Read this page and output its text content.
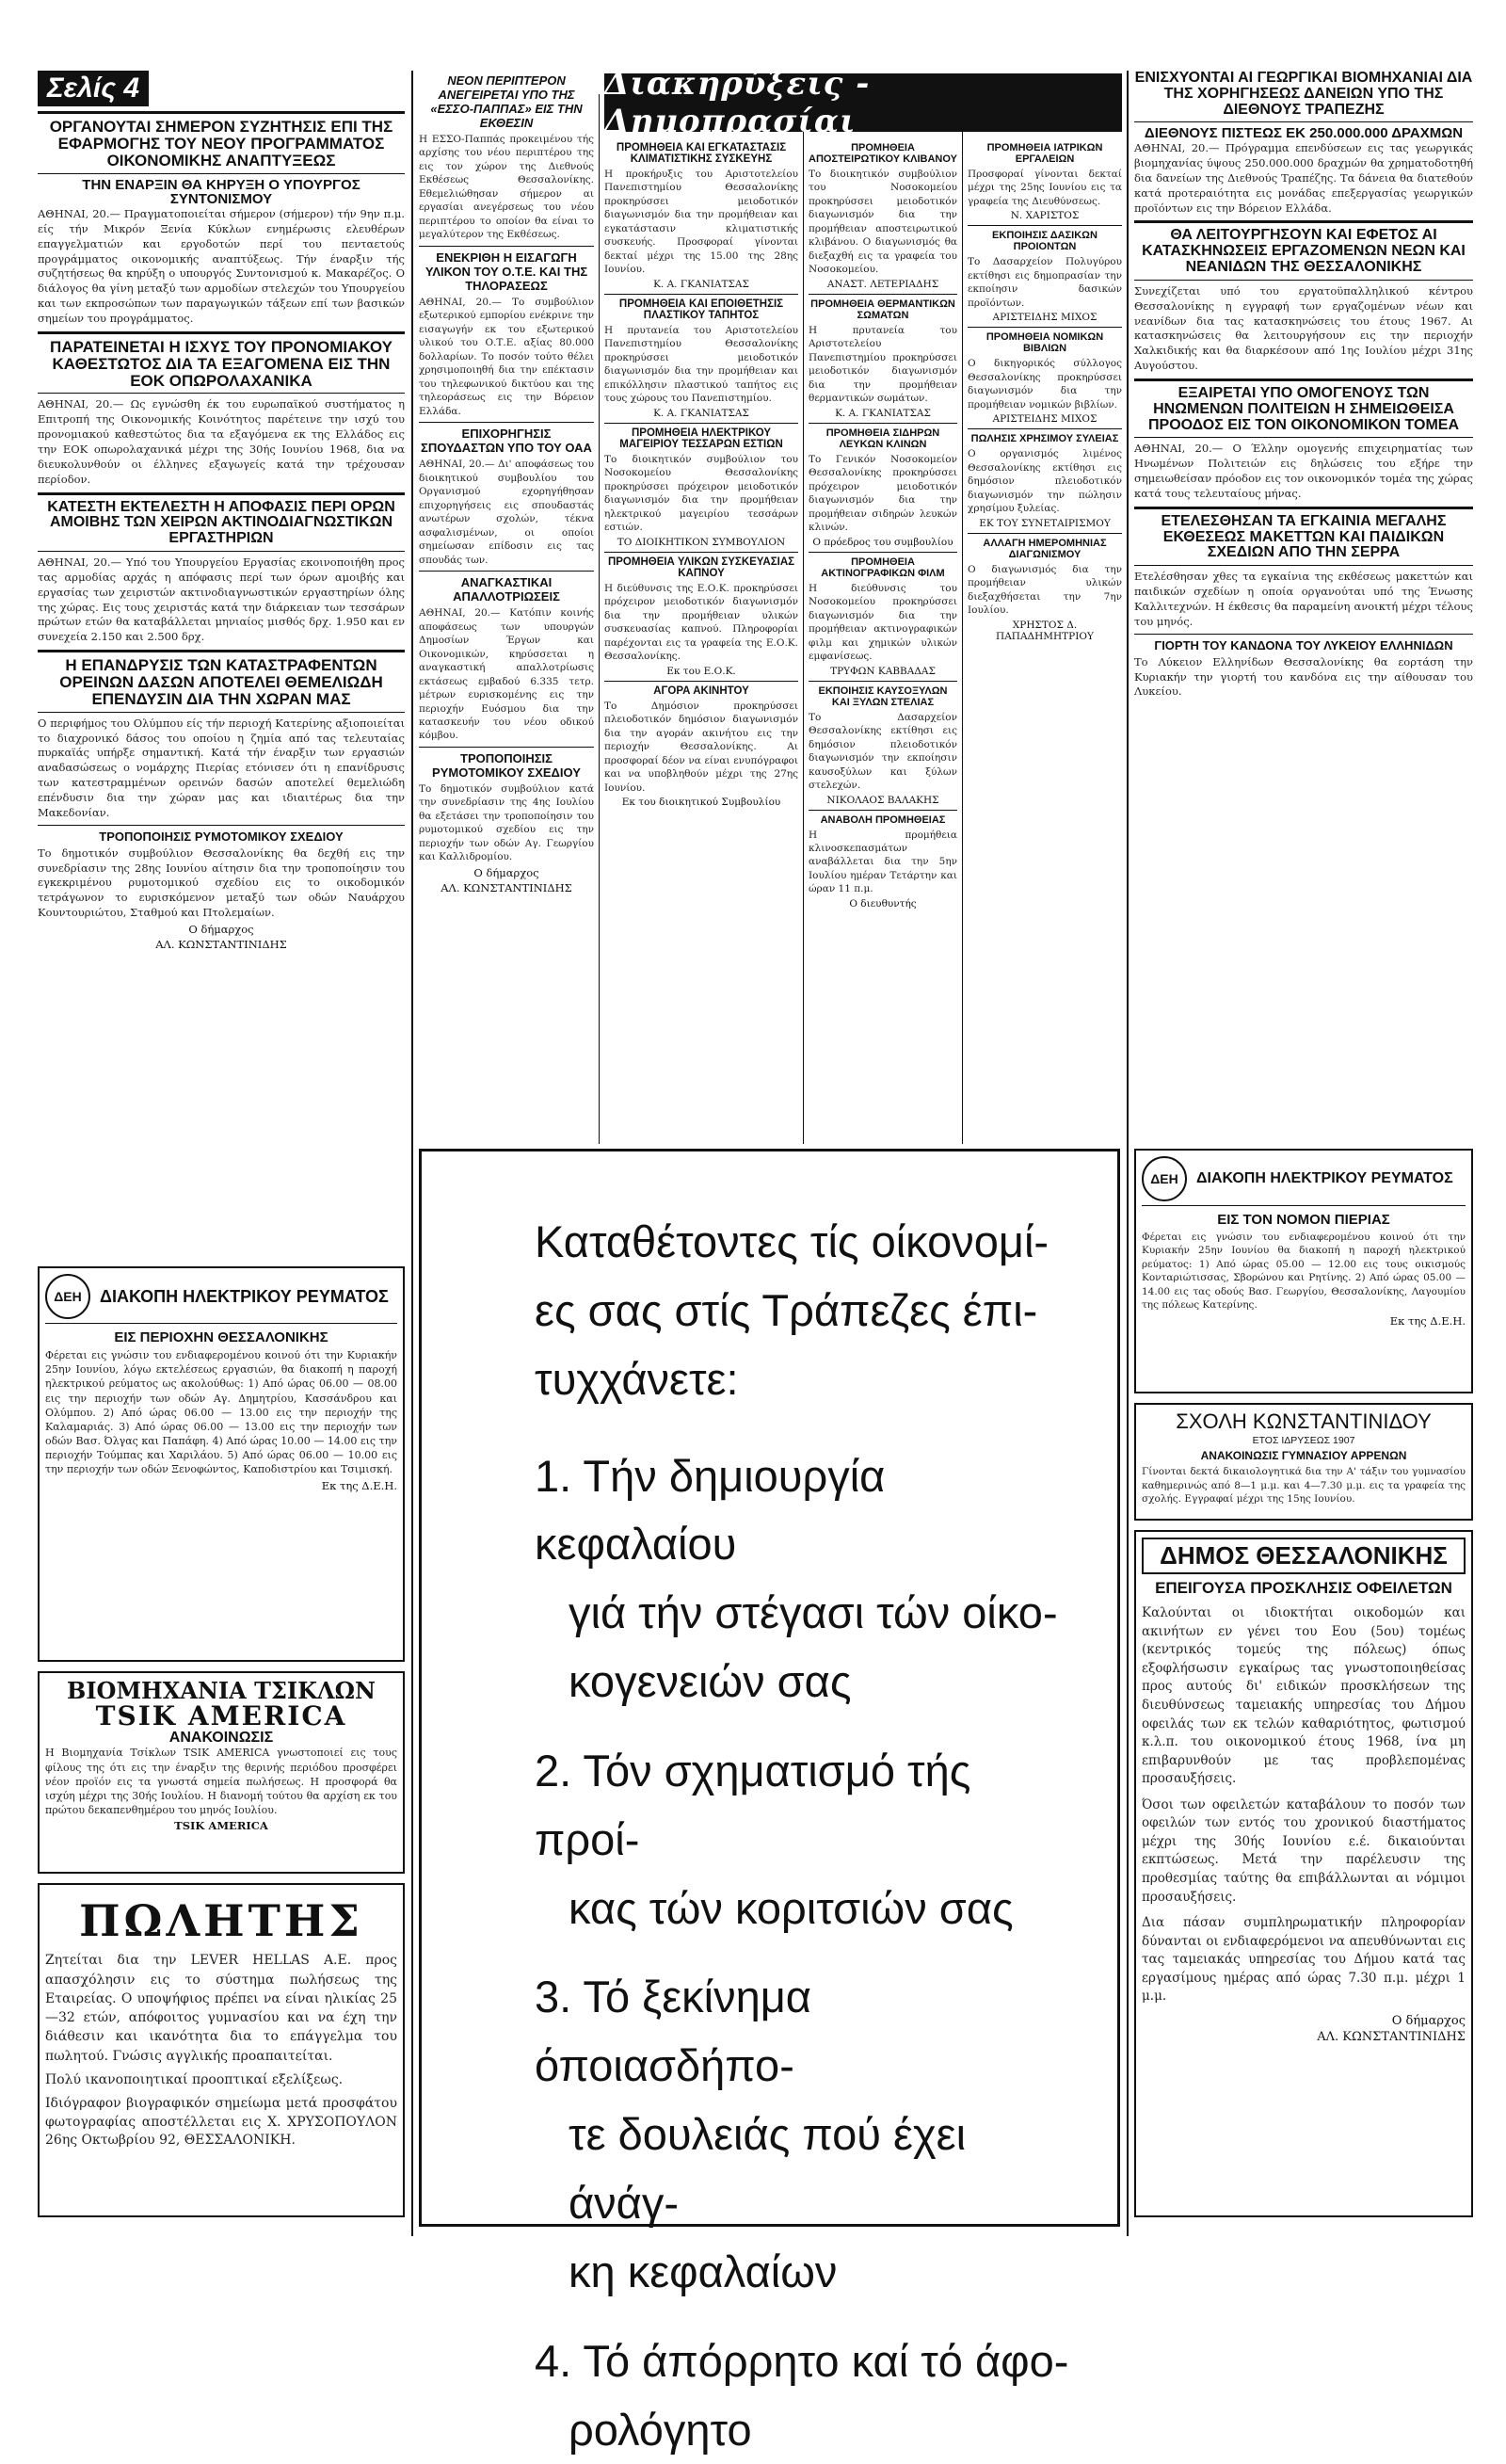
Σελίς 4
ΟΡΓΑΝΟΥΤΑΙ ΣΗΜΕΡΟΝ ΣΥΖΗΤΗΣΙΣ ΕΠΙ ΤΗΣ ΕΦΑΡΜΟΓΗΣ ΤΟΥ ΝΕΟΥ ΠΡΟΓΡΑΜΜΑΤΟΣ ΟΙΚΟΝΟΜΙΚΗΣ ΑΝΑΠΤΥΞΕΩΣ
ΤΗΝ ΕΝΑΡΞΙΝ ΘΑ ΚΗΡΥΞΗ Ο ΥΠΟΥΡΓΟΣ ΣΥΝΤΟΝΙΣΜΟΥ

ΑΘΗΝΑΙ, 20.— Πραγματοποιείται σήμερον (σήμερον) τήν 9ην π.μ. είς τήν Μικρόν Ξενία Κύκλων ενημέρωσις ελευθέρων επαγγελματιών και εργοδοτών περί του πενταετούς προγράμματος οικονομικής αναπτύξεως. Τήν έναρξιν τής συζητήσεως θα κηρύξη ο υπουργός Συντονισμού κ. Μακαρέζος. Ο διάλογος θα γίνη μεταξύ των αρμοδίων στελεχών του Υπουργείου και των εκπροσώπων των παραγωγικών τάξεων επί των βασικών σημείων του προγράμματος.

ΠΑΡΑΤΕΙΝΕΤΑΙ Η ΙΣΧΥΣ ΤΟΥ ΠΡΟΝΟΜΙΑΚΟΥ ΚΑΘΕΣΤΩΤΟΣ ΔΙΑ ΤΑ ΕΞΑΓΟΜΕΝΑ ΕΙΣ ΤΗΝ ΕΟΚ ΟΠΩΡΟΛΑΧΑΝΙΚΑ

ΑΘΗΝΑΙ, 20.— Ως εγνώσθη έκ του ευρωπαϊκού συστήματος η Επιτροπή της Οικονομικής Κοινότητος παρέτεινε την ισχύ του προνομιακού καθεστώτος δια τα εξαγόμενα εκ της Ελλάδος εις την ΕΟΚ οπωρολαχανικά μέχρι της 30ής Ιουνίου 1968, δια να διευκολυνθούν οι έλληνες εξαγωγείς κατά την τρέχουσαν περίοδον.

ΚΑΤΕΣΤΗ ΕΚΤΕΛΕΣΤΗ Η ΑΠΟΦΑΣΙΣ ΠΕΡΙ ΟΡΩΝ ΑΜΟΙΒΗΣ ΤΩΝ ΧΕΙΡΩΝ ΑΚΤΙΝΟΔΙΑΓΝΩΣΤΙΚΩΝ ΕΡΓΑΣΤΗΡΙΩΝ

ΑΘΗΝΑΙ, 20.— Υπό του Υπουργείου Εργασίας εκοινοποιήθη προς τας αρμοδίας αρχάς η απόφασις περί των όρων αμοιβής και εργασίας των χειριστών ακτινοδιαγνωστικών εργαστηρίων όλης της χώρας. Εις τους χειριστάς κατά την διάρκειαν των τεσσάρων πρώτων ετών θα καταβάλλεται μηνιαίος μισθός δρχ. 1.950 και εν συνεχεία 2.150 και 2.500 δρχ.

Η ΕΠΑΝΔΡΥΣΙΣ ΤΩΝ ΚΑΤΑΣΤΡΑΦΕΝΤΩΝ ΟΡΕΙΝΩΝ ΔΑΣΩΝ ΑΠΟΤΕΛΕΙ ΘΕΜΕΛΙΩΔΗ ΕΠΕΝΔΥΣΙΝ ΔΙΑ ΤΗΝ ΧΩΡΑΝ ΜΑΣ

Ο περιφήμος του Ολύμπου είς τήν περιοχή Κατερίνης αξιοποιείται το διαχρονικό δάσος του οποίου η ζημία από τας τελευταίας πυρκαϊάς υπήρξε σημαντική. Κατά τήν έναρξιν των εργασιών αναδασώσεως ο νομάρχης Πιερίας ετόνισεν ότι η επανίδρυσις των κατεστραμμένων ορεινών δασών αποτελεί θεμελιώδη επένδυσιν δια την χώραν μας και ιδιαιτέρως δια την Μακεδονίαν.

ΤΡΟΠΟΠΟΙΗΣΙΣ ΡΥΜΟΤΟΜΙΚΟΥ ΣΧΕΔΙΟΥ

Το δημοτικόν συμβούλιον Θεσσαλονίκης θα δεχθή εις την συνεδρίασιν της 28ης Ιουνίου αίτησιν δια την τροποποίησιν του εγκεκριμένου ρυμοτομικού σχεδίου εις το οικοδομικόν τετράγωνον το ευρισκόμενον μεταξύ των οδών Ναυάρχου Κουντουριώτου, Σταθμού και Πτολεμαίων.

Ο δήμαρχος

ΑΛ. ΚΩΝΣΤΑΝΤΙΝΙΔΗΣ

ΝΕΟΝ ΠΕΡΙΠΤΕΡΟΝ ΑΝΕΓΕΙΡΕΤΑΙ ΥΠΟ ΤΗΣ «ΕΣΣΟ-ΠΑΠΠΑΣ» ΕΙΣ ΤΗΝ ΕΚΘΕΣΙΝ

Η ΕΣΣΟ-Παππάς προκειμένου τής αρχίσης του νέου περιπτέρου της εις τον χώρον της Διεθνούς Εκθέσεως Θεσσαλονίκης. Εθεμελιώθησαν σήμερον αι εργασίαι ανεγέρσεως του νέου περιπτέρου το οποίον θα είναι το μεγαλύτερον της Εκθέσεως.

ΕΝΕΚΡΙΘΗ Η ΕΙΣΑΓΩΓΗ ΥΛΙΚΟΝ ΤΟΥ Ο.Τ.Ε. ΚΑΙ ΤΗΣ ΤΗΛΟΡΑΣΕΩΣ

ΑΘΗΝΑΙ, 20.— Το συμβούλιον εξωτερικού εμπορίου ενέκρινε την εισαγωγήν εκ του εξωτερικού υλικού του Ο.Τ.Ε. αξίας 80.000 δολλαρίων. Το ποσόν τούτο θέλει χρησιμοποιηθή δια την επέκτασιν του τηλεφωνικού δικτύου και της τηλεοράσεως εις την Βόρειον Ελλάδα.

ΕΠΙΧΟΡΗΓΗΣΙΣ ΣΠΟΥΔΑΣΤΩΝ ΥΠΟ ΤΟΥ ΟΑΑ

ΑΘΗΝΑΙ, 20.— Δι' αποφάσεως του διοικητικού συμβουλίου του Οργανισμού εχορηγήθησαν επιχορηγήσεις εις σπουδαστάς ανωτέρων σχολών, τέκνα ασφαλισμένων, οι οποίοι σημείωσαν επίδοσιν εις τας σπουδάς των.

ΑΝΑΓΚΑΣΤΙΚΑΙ ΑΠΑΛΛΟΤΡΙΩΣΕΙΣ

ΑΘΗΝΑΙ, 20.— Κατόπιν κοινής αποφάσεως των υπουργών Δημοσίων Έργων και Οικονομικών, κηρύσσεται η αναγκαστική απαλλοτρίωσις εκτάσεως εμβαδού 6.335 τετρ. μέτρων ευρισκομένης εις την περιοχήν Ευόσμου δια την κατασκευήν του νέου οδικού κόμβου.

ΤΡΟΠΟΠΟΙΗΣΙΣ ΡΥΜΟΤΟΜΙΚΟΥ ΣΧΕΔΙΟΥ

Το δημοτικόν συμβούλιον κατά την συνεδρίασιν της 4ης Ιουλίου θα εξετάσει την τροποποίησιν του ρυμοτομικού σχεδίου εις την περιοχήν των οδών Αγ. Γεωργίου και Καλλιδρομίου.

Ο δήμαρχος

ΑΛ. ΚΩΝΣΤΑΝΤΙΝΙΔΗΣ

Διακηρύξεις - Δημοπρασίαι
ΠΡΟΜΗΘΕΙΑ ΚΑΙ ΕΓΚΑΤΑΣΤΑΣΙΣ ΚΛΙΜΑΤΙΣΤΙΚΗΣ ΣΥΣΚΕΥΗΣ

Η προκήρυξις του Αριστοτελείου Πανεπιστημίου Θεσσαλονίκης προκηρύσσει μειοδοτικόν διαγωνισμόν δια την προμήθειαν και εγκατάστασιν κλιματιστικής συσκευής. Προσφοραί γίνονται δεκταί μέχρι της 15.00 της 28ης Ιουνίου.

Κ. Α. ΓΚΑΝΙΑΤΣΑΣ

ΠΡΟΜΗΘΕΙΑ ΚΑΙ ΕΠΟΙΘΕΤΗΣΙΣ ΠΛΑΣΤΙΚΟΥ ΤΑΠΗΤΟΣ

Η πρυτανεία του Αριστοτελείου Πανεπιστημίου Θεσσαλονίκης προκηρύσσει μειοδοτικόν διαγωνισμόν δια την προμήθειαν και επικόλλησιν πλαστικού ταπήτος εις τους χώρους του Πανεπιστημίου.

Κ. Α. ΓΚΑΝΙΑΤΣΑΣ

ΠΡΟΜΗΘΕΙΑ ΗΛΕΚΤΡΙΚΟΥ ΜΑΓΕΙΡΙΟΥ ΤΕΣΣΑΡΩΝ ΕΣΤΙΩΝ

Το διοικητικόν συμβούλιον του Νοσοκομείου Θεσσαλονίκης προκηρύσσει πρόχειρον μειοδοτικόν διαγωνισμόν δια την προμήθειαν ηλεκτρικού μαγειρίου τεσσάρων εστιών.

ΤΟ ΔΙΟΙΚΗΤΙΚΟΝ ΣΥΜΒΟΥΛΙΟΝ

ΠΡΟΜΗΘΕΙΑ ΥΛΙΚΩΝ ΣΥΣΚΕΥΑΣΙΑΣ ΚΑΠΝΟΥ

Η διεύθυνσις της Ε.Ο.Κ. προκηρύσσει πρόχειρον μειοδοτικόν διαγωνισμόν δια την προμήθειαν υλικών συσκευασίας καπνού. Πληροφορίαι παρέχονται εις τα γραφεία της Ε.Ο.Κ. Θεσσαλονίκης.

Εκ του Ε.Ο.Κ.

ΑΓΟΡΑ ΑΚΙΝΗΤΟΥ

Το Δημόσιον προκηρύσσει πλειοδοτικόν δημόσιον διαγωνισμόν δια την αγοράν ακινήτου εις την περιοχήν Θεσσαλονίκης. Αι προσφοραί δέον να είναι ενυπόγραφοι και να υποβληθούν μέχρι της 27ης Ιουνίου.

Εκ του διοικητικού Συμβουλίου

ΠΡΟΜΗΘΕΙΑ ΑΠΟΣΤΕΙΡΩΤΙΚΟΥ ΚΛΙΒΑΝΟΥ

Το διοικητικόν συμβούλιον του Νοσοκομείου προκηρύσσει μειοδοτικόν διαγωνισμόν δια την προμήθειαν αποστειρωτικού κλιβάνου. Ο διαγωνισμός θα διεξαχθή εις τα γραφεία του Νοσοκομείου.

ΑΝΑΣΤ. ΛΕΤΕΡΙΑΔΗΣ

ΠΡΟΜΗΘΕΙΑ ΘΕΡΜΑΝΤΙΚΩΝ ΣΩΜΑΤΩΝ

Η πρυτανεία του Αριστοτελείου Πανεπιστημίου προκηρύσσει μειοδοτικόν διαγωνισμόν δια την προμήθειαν θερμαντικών σωμάτων.

Κ. Α. ΓΚΑΝΙΑΤΣΑΣ

ΠΡΟΜΗΘΕΙΑ ΣΙΔΗΡΩΝ ΛΕΥΚΩΝ ΚΛΙΝΩΝ

Το Γενικόν Νοσοκομείον Θεσσαλονίκης προκηρύσσει πρόχειρον μειοδοτικόν διαγωνισμόν δια την προμήθειαν σιδηρών λευκών κλινών.

Ο πρόεδρος του συμβουλίου

ΠΡΟΜΗΘΕΙΑ ΑΚΤΙΝΟΓΡΑΦΙΚΩΝ ΦΙΛΜ

Η διεύθυνσις του Νοσοκομείου προκηρύσσει διαγωνισμόν δια την προμήθειαν ακτινογραφικών φιλμ και χημικών υλικών εμφανίσεως.

ΤΡΥΦΩΝ ΚΑΒΒΑΔΑΣ

ΕΚΠΟΙΗΣΙΣ ΚΑΥΣΟΞΥΛΩΝ ΚΑΙ ΞΥΛΩΝ ΣΤΕΛΙΑΣ

Το Δασαρχείον Θεσσαλονίκης εκτίθησι εις δημόσιον πλειοδοτικόν διαγωνισμόν την εκποίησιν καυσοξύλων και ξύλων στελεχών.

ΝΙΚΟΛΑΟΣ ΒΑΛΑΚΗΣ

ΑΝΑΒΟΛΗ ΠΡΟΜΗΘΕΙΑΣ

Η προμήθεια κλινοσκεπασμάτων αναβάλλεται δια την 5ην Ιουλίου ημέραν Τετάρτην και ώραν 11 π.μ.

Ο διευθυντής

ΠΡΟΜΗΘΕΙΑ ΙΑΤΡΙΚΩΝ ΕΡΓΑΛΕΙΩΝ

Προσφοραί γίνονται δεκταί μέχρι της 25ης Ιουνίου εις τα γραφεία της Διευθύνσεως.

Ν. ΧΑΡΙΣΤΟΣ

ΕΚΠΟΙΗΣΙΣ ΔΑΣΙΚΩΝ ΠΡΟΙΟΝΤΩΝ

Το Δασαρχείον Πολυγύρου εκτίθησι εις δημοπρασίαν την εκποίησιν δασικών προϊόντων.

ΑΡΙΣΤΕΙΔΗΣ ΜΙΧΟΣ

ΠΡΟΜΗΘΕΙΑ ΝΟΜΙΚΩΝ ΒΙΒΛΙΩΝ

Ο δικηγορικός σύλλογος Θεσσαλονίκης προκηρύσσει διαγωνισμόν δια την προμήθειαν νομικών βιβλίων.

ΑΡΙΣΤΕΙΔΗΣ ΜΙΧΟΣ

ΠΩΛΗΣΙΣ ΧΡΗΣΙΜΟΥ ΣΥΛΕΙΑΣ

Ο οργανισμός λιμένος Θεσσαλονίκης εκτίθησι εις δημόσιον πλειοδοτικόν διαγωνισμόν την πώλησιν χρησίμου ξυλείας.

ΕΚ ΤΟΥ ΣΥΝΕΤΑΙΡΙΣΜΟΥ

ΑΛΛΑΓΗ ΗΜΕΡΟΜΗΝΙΑΣ ΔΙΑΓΩΝΙΣΜΟΥ

Ο διαγωνισμός δια την προμήθειαν υλικών διεξαχθήσεται την 7ην Ιουλίου.

ΧΡΗΣΤΟΣ Δ. ΠΑΠΑΔΗΜΗΤΡΙΟΥ

ΕΝΙΣΧΥΟΝΤΑΙ ΑΙ ΓΕΩΡΓΙΚΑΙ ΒΙΟΜΗΧΑΝΙΑΙ ΔΙΑ ΤΗΣ ΧΟΡΗΓΗΣΕΩΣ ΔΑΝΕΙΩΝ ΥΠΟ ΤΗΣ ΔΙΕΘΝΟΥΣ ΤΡΑΠΕΖΗΣ
ΔΙΕΘΝΟΥΣ ΠΙΣΤΕΩΣ ΕΚ 250.000.000 ΔΡΑΧΜΩΝ

ΑΘΗΝΑΙ, 20.— Πρόγραμμα επενδύσεων εις τας γεωργικάς βιομηχανίας ύψους 250.000.000 δραχμών θα χρηματοδοτηθή δια δανείων της Διεθνούς Τραπέζης. Τα δάνεια θα διατεθούν κατά προτεραιότητα εις μονάδας επεξεργασίας γεωργικών προϊόντων εις την Βόρειον Ελλάδα.

ΘΑ ΛΕΙΤΟΥΡΓΗΣΟΥΝ ΚΑΙ ΕΦΕΤΟΣ ΑΙ ΚΑΤΑΣΚΗΝΩΣΕΙΣ ΕΡΓΑΖΟΜΕΝΩΝ ΝΕΩΝ ΚΑΙ ΝΕΑΝΙΔΩΝ ΤΗΣ ΘΕΣΣΑΛΟΝΙΚΗΣ

Συνεχίζεται υπό του εργατοϋπαλληλικού κέντρου Θεσσαλονίκης η εγγραφή των εργαζομένων νέων και νεανίδων δια τας κατασκηνώσεις του έτους 1967. Αι κατασκηνώσεις θα λειτουργήσουν εις την περιοχήν Χαλκιδικής και θα διαρκέσουν από 1ης Ιουλίου μέχρι 31ης Αυγούστου.

ΕΞΑΙΡΕΤΑΙ ΥΠΟ ΟΜΟΓΕΝΟΥΣ ΤΩΝ ΗΝΩΜΕΝΩΝ ΠΟΛΙΤΕΙΩΝ Η ΣΗΜΕΙΩΘΕΙΣΑ ΠΡΟΟΔΟΣ ΕΙΣ ΤΟΝ ΟΙΚΟΝΟΜΙΚΟΝ ΤΟΜΕΑ

ΑΘΗΝΑΙ, 20.— Ο Έλλην ομογενής επιχειρηματίας των Ηνωμένων Πολιτειών εις δηλώσεις του εξήρε την σημειωθείσαν πρόοδον εις τον οικονομικόν τομέα της χώρας κατά τους τελευταίους μήνας.

ΕΤΕΛΕΣΘΗΣΑΝ ΤΑ ΕΓΚΑΙΝΙΑ ΜΕΓΑΛΗΣ ΕΚΘΕΣΕΩΣ ΜΑΚΕΤΤΩΝ ΚΑΙ ΠΑΙΔΙΚΩΝ ΣΧΕΔΙΩΝ ΑΠΟ ΤΗΝ ΣΕΡΡΑ

Ετελέσθησαν χθες τα εγκαίνια της εκθέσεως μακεττών και παιδικών σχεδίων η οποία οργανούται υπό της Ένωσης Καλλιτεχνών. Η έκθεσις θα παραμείνη ανοικτή μέχρι τέλους του μηνός.

ΓΙΟΡΤΗ ΤΟΥ ΚΑΝΔΟΝΑ ΤΟΥ ΛΥΚΕΙΟΥ ΕΛΛΗΝΙΔΩΝ

Το Λύκειον Ελληνίδων Θεσσαλονίκης θα εορτάση την Κυριακήν την γιορτή του κανδόνα εις την αίθουσαν του Λυκείου.

ΔΕΗ ΔΙΑΚΟΠΗ ΗΛΕΚΤΡΙΚΟΥ ΡΕΥΜΑΤΟΣ
ΕΙΣ ΠΕΡΙΟΧΗΝ ΘΕΣΣΑΛΟΝΙΚΗΣ

Φέρεται εις γνώσιν του ενδιαφερομένου κοινού ότι την Κυριακήν 25ην Ιουνίου, λόγω εκτελέσεως εργασιών, θα διακοπή η παροχή ηλεκτρικού ρεύματος ως ακολούθως: 1) Από ώρας 06.00 — 08.00 εις την περιοχήν των οδών Αγ. Δημητρίου, Κασσάνδρου και Ολύμπου. 2) Από ώρας 06.00 — 13.00 εις την περιοχήν της Καλαμαριάς. 3) Από ώρας 06.00 — 13.00 εις την περιοχήν των οδών Βασ. Όλγας και Παπάφη. 4) Από ώρας 10.00 — 14.00 εις την περιοχήν Τούμπας και Χαριλάου. 5) Από ώρας 06.00 — 10.00 εις την περιοχήν των οδών Ξενοφώντος, Καποδιστρίου και Τσιμισκή.

Εκ της Δ.Ε.Η.

ΒΙΟΜΗΧΑΝΙΑ ΤΣΙΚΛΩΝ
TSIK AMERICA
ΑΝΑΚΟΙΝΩΣΙΣ

Η Βιομηχανία Τσίκλων TSIK AMERICA γνωστοποιεί εις τους φίλους της ότι εις την έναρξιν της θερινής περιόδου προσφέρει νέον προϊόν εις τα γνωστά σημεία πωλήσεως. Η προσφορά θα ισχύη μέχρι της 30ής Ιουλίου. Η διανομή τούτου θα αρχίση εκ του πρώτου δεκαπενθημέρου του μηνός Ιουλίου.

TSIK AMERICA

ΠΩΛΗΤΗΣ

Ζητείται δια την LEVER HELLAS A.E. προς απασχόλησιν εις το σύστημα πωλήσεως της Εταιρείας. Ο υποψήφιος πρέπει να είναι ηλικίας 25—32 ετών, απόφοιτος γυμνασίου και να έχη την διάθεσιν και ικανότητα δια το επάγγελμα του πωλητού. Γνώσις αγγλικής προαπαιτείται.

Πολύ ικανοποιητικαί προοπτικαί εξελίξεως.

Ιδιόγραφον βιογραφικόν σημείωμα μετά προσφάτου φωτογραφίας αποστέλλεται εις Χ. ΧΡΥΣΟΠΟΥΛΟΝ 26ης Οκτωβρίου 92, ΘΕΣΣΑΛΟΝΙΚΗ.

Καταθέτοντες τίς οίκονομί-

ες σας στίς Τράπεζες έπι-

τυχχάνετε:

1. Τήν δημιουργία κεφαλαίου

γιά τήν στέγασι τών οίκο-

κογενειών σας

2. Τόν σχηματισμό τής προί-

κας τών κοριτσιών σας

3. Τό ξεκίνημα όποιασδήπο-

τε δουλειάς πού έχει άνάγ-

κη κεφαλαίων

4. Τό άπόρρητο καί τό άφο-

ρολόγητο

ΔΕΗ ΔΙΑΚΟΠΗ ΗΛΕΚΤΡΙΚΟΥ ΡΕΥΜΑΤΟΣ
ΕΙΣ ΤΟΝ ΝΟΜΟΝ ΠΙΕΡΙΑΣ

Φέρεται εις γνώσιν του ενδιαφερομένου κοινού ότι την Κυριακήν 25ην Ιουνίου θα διακοπή η παροχή ηλεκτρικού ρεύματος: 1) Από ώρας 05.00 — 12.00 εις τους οικισμούς Κονταριώτισσας, Σβορώνου και Ρητίνης. 2) Από ώρας 05.00 — 14.00 εις τας οδούς Βασ. Γεωργίου, Θεσσαλονίκης, Λαγουμίου της πόλεως Κατερίνης.

Εκ της Δ.Ε.Η.

ΣΧΟΛΗ ΚΩΝΣΤΑΝΤΙΝΙΔΟΥ
ΕΤΟΣ ΙΔΡΥΣΕΩΣ 1907
ΑΝΑΚΟΙΝΩΣΙΣ ΓΥΜΝΑΣΙΟΥ ΑΡΡΕΝΩΝ

Γίνονται δεκτά δικαιολογητικά δια την Α' τάξιν του γυμνασίου καθημερινώς από 8—1 μ.μ. και 4—7.30 μ.μ. εις τα γραφεία της σχολής. Εγγραφαί μέχρι της 15ης Ιουνίου.

ΔΗΜΟΣ ΘΕΣΣΑΛΟΝΙΚΗΣ
ΕΠΕΙΓΟΥΣΑ ΠΡΟΣΚΛΗΣΙΣ ΟΦΕΙΛΕΤΩΝ

Καλούνται οι ιδιοκτήται οικοδομών και ακινήτων εν γένει του Εου (5ου) τομέως (κεντρικός τομεύς της πόλεως) όπως εξοφλήσωσιν εγκαίρως τας γνωστοποιηθείσας προς αυτούς δι' ειδικών προσκλήσεων της διευθύνσεως ταμειακής υπηρεσίας του Δήμου οφειλάς των εκ τελών καθαριότητος, φωτισμού κ.λ.π. του οικονομικού έτους 1968, ίνα μη επιβαρυνθούν με τας προβλεπομένας προσαυξήσεις.

Όσοι των οφειλετών καταβάλουν το ποσόν των οφειλών των εντός του χρονικού διαστήματος μέχρι της 30ής Ιουνίου ε.έ. δικαιούνται εκπτώσεως. Μετά την παρέλευσιν της προθεσμίας ταύτης θα επιβάλλωνται αι νόμιμοι προσαυξήσεις.

Δια πάσαν συμπληρωματικήν πληροφορίαν δύνανται οι ενδιαφερόμενοι να απευθύνωνται εις τας ταμειακάς υπηρεσίας του Δήμου κατά τας εργασίμους ημέρας από ώρας 7.30 π.μ. μέχρι 1 μ.μ.

Ο δήμαρχος

ΑΛ. ΚΩΝΣΤΑΝΤΙΝΙΔΗΣ
